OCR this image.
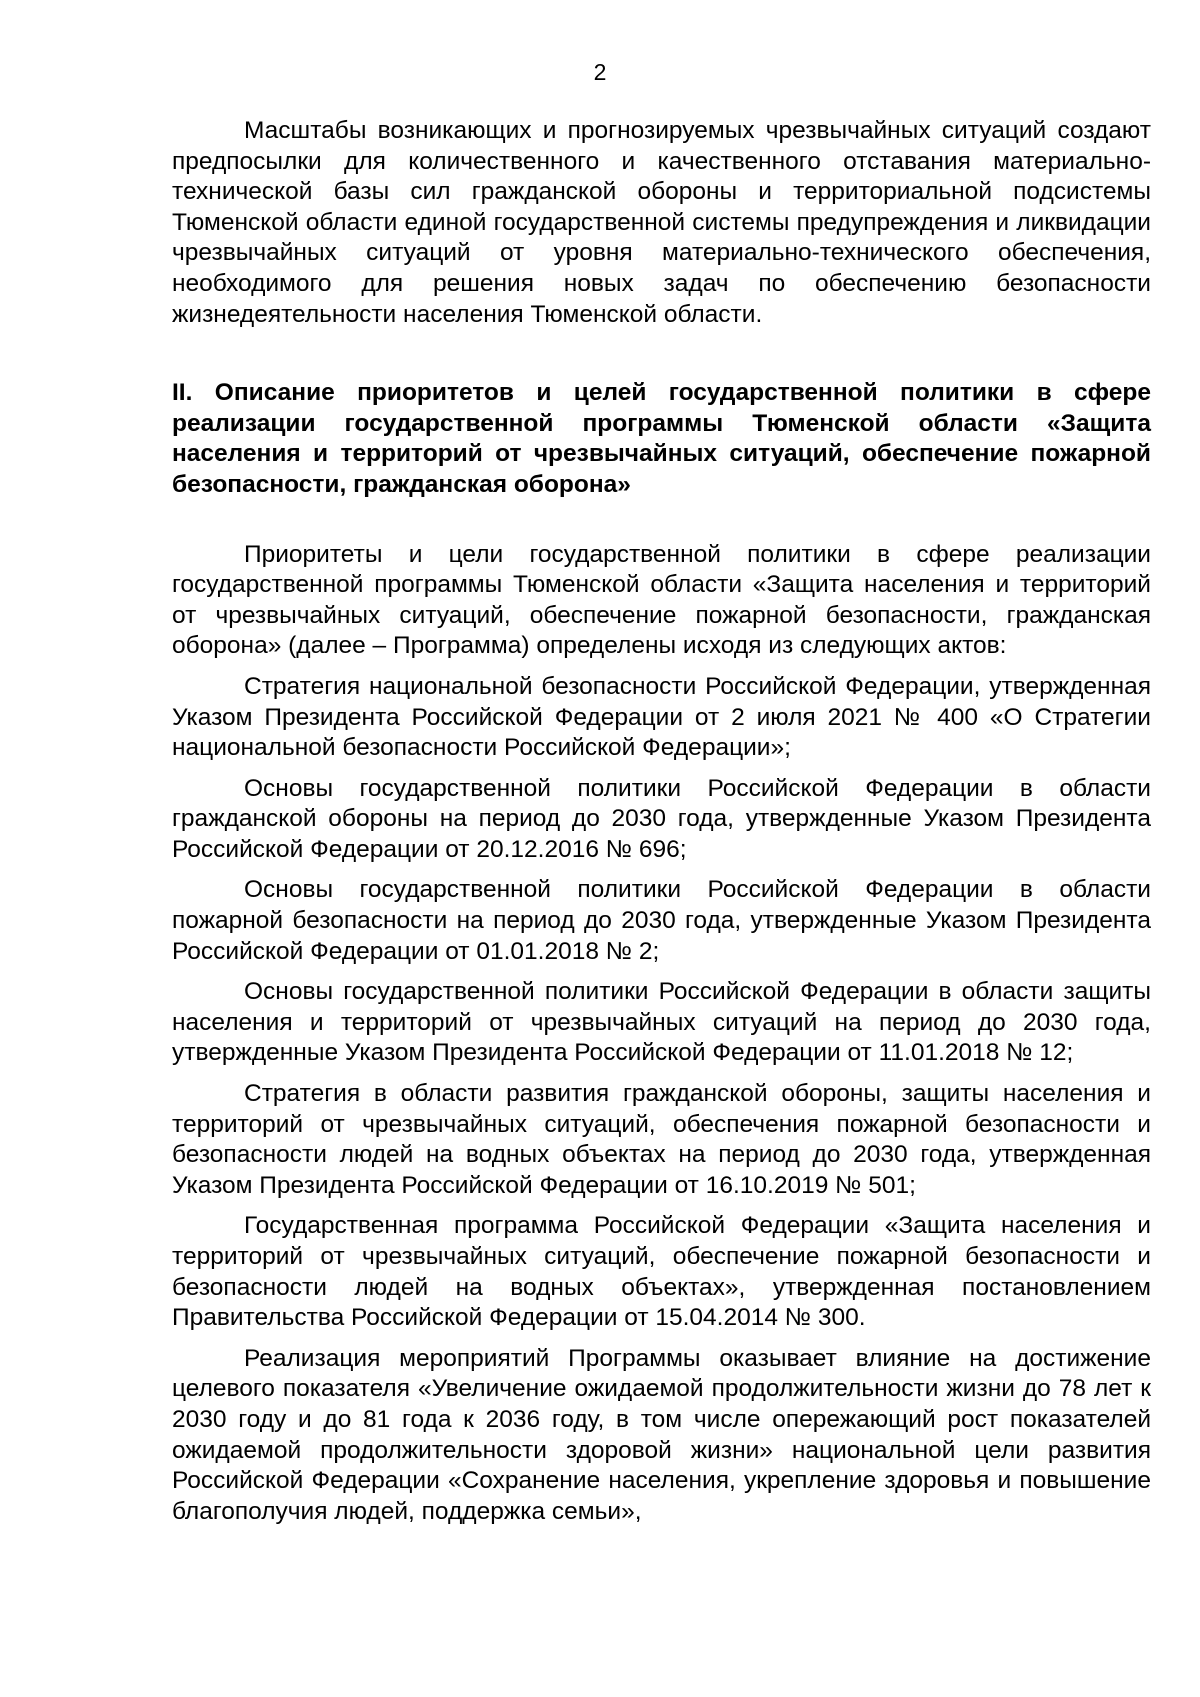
2

Масштабы возникающих и прогнозируемых чрезвычайных ситуаций создают предпосылки для количественного и качественного отставания материально-технической базы сил гражданской обороны и территориальной подсистемы Тюменской области единой государственной системы предупреждения и ликвидации чрезвычайных ситуаций от уровня материально-технического обеспечения, необходимого для решения новых задач по обеспечению безопасности жизнедеятельности населения Тюменской области.

II. Описание приоритетов и целей государственной политики в сфере реализации государственной программы Тюменской области «Защита населения и территорий от чрезвычайных ситуаций, обеспечение пожарной безопасности, гражданская оборона»

Приоритеты и цели государственной политики в сфере реализации государственной программы Тюменской области «Защита населения и территорий от чрезвычайных ситуаций, обеспечение пожарной безопасности, гражданская оборона» (далее – Программа) определены исходя из следующих актов:

Стратегия национальной безопасности Российской Федерации, утвержденная Указом Президента Российской Федерации от 2 июля 2021 № 400 «О Стратегии национальной безопасности Российской Федерации»;

Основы государственной политики Российской Федерации в области гражданской обороны на период до 2030 года, утвержденные Указом Президента Российской Федерации от 20.12.2016 № 696;

Основы государственной политики Российской Федерации в области пожарной безопасности на период до 2030 года, утвержденные Указом Президента Российской Федерации от 01.01.2018 № 2;

Основы государственной политики Российской Федерации в области защиты населения и территорий от чрезвычайных ситуаций на период до 2030 года, утвержденные Указом Президента Российской Федерации от 11.01.2018 № 12;

Стратегия в области развития гражданской обороны, защиты населения и территорий от чрезвычайных ситуаций, обеспечения пожарной безопасности и безопасности людей на водных объектах на период до 2030 года, утвержденная Указом Президента Российской Федерации от 16.10.2019 № 501;

Государственная программа Российской Федерации «Защита населения и территорий от чрезвычайных ситуаций, обеспечение пожарной безопасности и безопасности людей на водных объектах», утвержденная постановлением Правительства Российской Федерации от 15.04.2014 № 300.

Реализация мероприятий Программы оказывает влияние на достижение целевого показателя «Увеличение ожидаемой продолжительности жизни до 78 лет к 2030 году и до 81 года к 2036 году, в том числе опережающий рост показателей ожидаемой продолжительности здоровой жизни» национальной цели развития Российской Федерации «Сохранение населения, укрепление здоровья и повышение благополучия людей, поддержка семьи»,
